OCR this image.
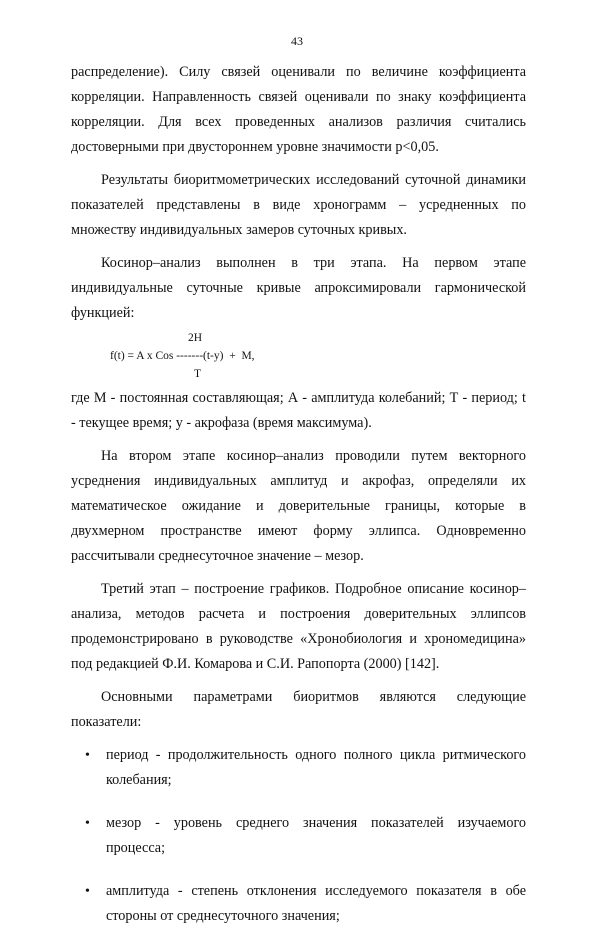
43

распределение). Силу связей оценивали по величине коэффициента корреляции. Направленность связей оценивали по знаку коэффициента корреляции. Для всех проведенных анализов различия считались достоверными при двустороннем уровне значимости p<0,05.

Результаты биоритмометрических исследований суточной динамики показателей представлены в виде хронограмм – усредненных по множеству индивидуальных замеров суточных кривых.

Косинор–анализ выполнен в три этапа. На первом этапе индивидуальные суточные кривые апроксимировали гармонической функцией:

2H
f(t) = A x Cos -------(t-y)  +  M,
T

где М - постоянная составляющая; А - амплитуда колебаний; Т - период; t - текущее время; у - акрофаза (время максимума).

На втором этапе косинор–анализ проводили путем векторного усреднения индивидуальных амплитуд и акрофаз, определяли их математическое ожидание и доверительные границы, которые в двухмерном пространстве имеют форму эллипса. Одновременно рассчитывали среднесуточное значение – мезор.

Третий этап – построение графиков. Подробное описание косинор–анализа, методов расчета и построения доверительных эллипсов продемонстрировано в руководстве «Хронобиология и хрономедицина» под редакцией Ф.И. Комарова и С.И. Рапопорта (2000) [142].

Основными параметрами биоритмов являются следующие показатели:

• период - продолжительность одного полного цикла ритмического колебания;
• мезор - уровень среднего значения показателей изучаемого процесса;
• амплитуда - степень отклонения исследуемого показателя в обе стороны от среднесуточного значения;
